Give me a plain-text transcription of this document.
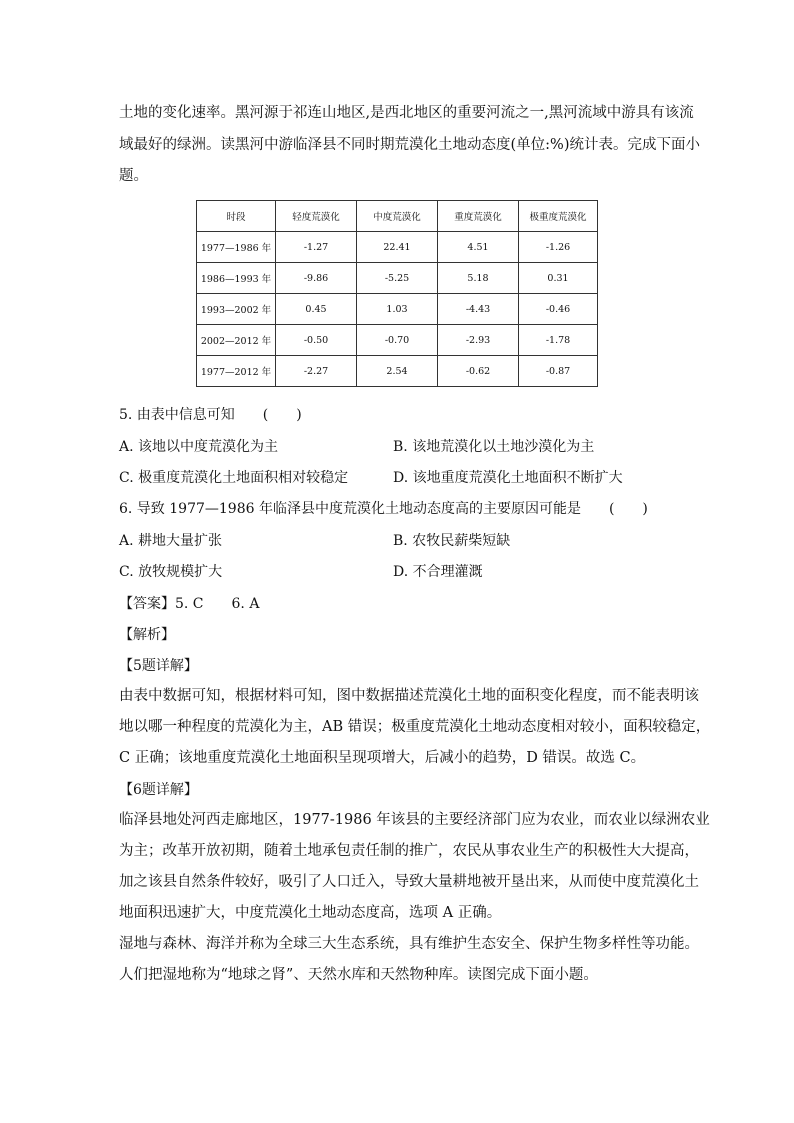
土地的变化速率。黑河源于祁连山地区,是西北地区的重要河流之一,黑河流域中游具有该流
域最好的绿洲。读黑河中游临泽县不同时期荒漠化土地动态度(单位:%)统计表。完成下面小
题。
时段	轻度荒漠化	中度荒漠化	重度荒漠化	极重度荒漠化
1977—1986 年	-1.27	22.41	4.51	-1.26
1986—1993 年	-9.86	-5.25	5.18	0.31
1993—2002 年	0.45	1.03	-4.43	-0.46
2002—2012 年	-0.50	-0.70	-2.93	-1.78
1977—2012 年	-2.27	2.54	-0.62	-0.87
5. 由表中信息可知　　(　　)
A. 该地以中度荒漠化为主	B. 该地荒漠化以土地沙漠化为主
C. 极重度荒漠化土地面积相对较稳定	D. 该地重度荒漠化土地面积不断扩大
6. 导致 1977—1986 年临泽县中度荒漠化土地动态度高的主要原因可能是　　(　　)
A. 耕地大量扩张	B. 农牧民薪柴短缺
C. 放牧规模扩大	D. 不合理灌溉
【答案】5. C　　6. A
【解析】
【5题详解】
由表中数据可知，根据材料可知，图中数据描述荒漠化土地的面积变化程度，而不能表明该
地以哪一种程度的荒漠化为主，AB 错误；极重度荒漠化土地动态度相对较小，面积较稳定，
C 正确；该地重度荒漠化土地面积呈现项增大，后减小的趋势，D 错误。故选 C。
【6题详解】
临泽县地处河西走廊地区，1977-1986 年该县的主要经济部门应为农业，而农业以绿洲农业
为主；改革开放初期，随着土地承包责任制的推广，农民从事农业生产的积极性大大提高，
加之该县自然条件较好，吸引了人口迁入，导致大量耕地被开垦出来，从而使中度荒漠化土
地面积迅速扩大，中度荒漠化土地动态度高，选项 A 正确。
湿地与森林、海洋并称为全球三大生态系统，具有维护生态安全、保护生物多样性等功能。
人们把湿地称为“地球之肾”、天然水库和天然物种库。读图完成下面小题。
